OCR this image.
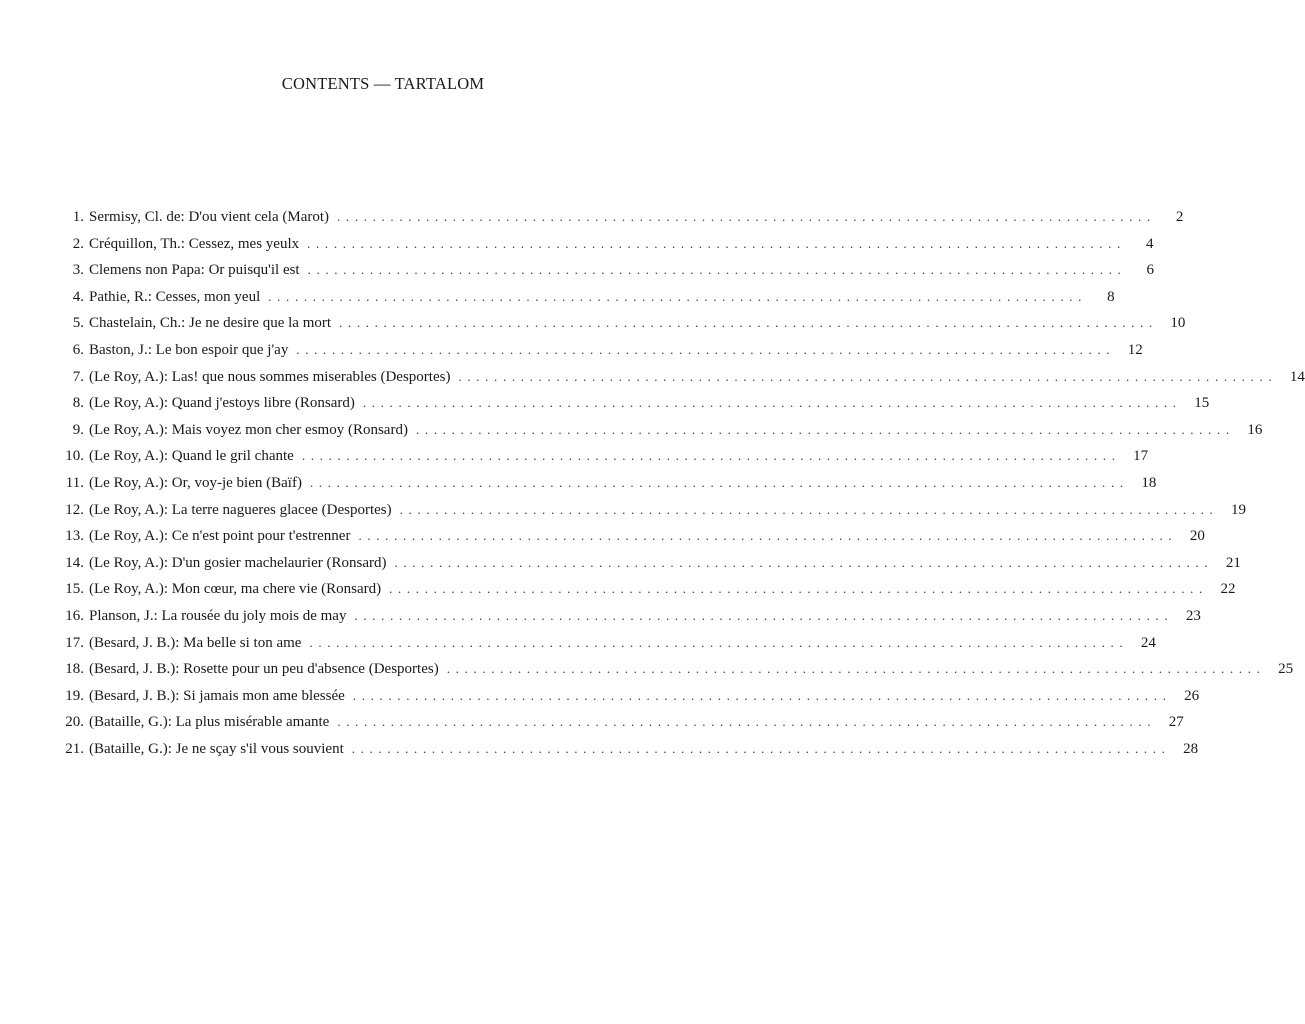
CONTENTS — TARTALOM
1. Sermisy, Cl. de: D'ou vient cela (Marot) . . . . . . . . . . . . . . . . . . . . . . . . . . . . . . . . . . . . . . . . . . . . . . . . . . . . . . . . . . . . . . . . . . . . . . . . . . . . . . . . . . . . . . . . . . . .	2
2. Créquillon, Th.: Cessez, mes yeulx . . . . . . . . . . . . . . . . . . . . . . . . . . . . . . . . . . . . . . . . . . . . . . . . . . . . . . . . . . . . . . . . . . . . . . . . . . . . . . . . . . . . . . . . . . . .	4
3. Clemens non Papa: Or puisqu'il est . . . . . . . . . . . . . . . . . . . . . . . . . . . . . . . . . . . . . . . . . . . . . . . . . . . . . . . . . . . . . . . . . . . . . . . . . . . . . . . . . . . . . . . . . . . .	6
4. Pathie, R.: Cesses, mon yeul . . . . . . . . . . . . . . . . . . . . . . . . . . . . . . . . . . . . . . . . . . . . . . . . . . . . . . . . . . . . . . . . . . . . . . . . . . . . . . . . . . . . . . . . . . . .	8
5. Chastelain, Ch.: Je ne desire que la mort . . . . . . . . . . . . . . . . . . . . . . . . . . . . . . . . . . . . . . . . . . . . . . . . . . . . . . . . . . . . . . . . . . . . . . . . . . . . . . . . . . . . . . . . . . . .	10
6. Baston, J.: Le bon espoir que j'ay . . . . . . . . . . . . . . . . . . . . . . . . . . . . . . . . . . . . . . . . . . . . . . . . . . . . . . . . . . . . . . . . . . . . . . . . . . . . . . . . . . . . . . . . . . . .	12
7. (Le Roy, A.): Las! que nous sommes miserables (Desportes) . . . . . . . . . . . . . . . . . . . . . . . . . . . . . . . . . . . . . . . . . . . . . . . . . . . . . . . . . . . . . . . . . . . . . . . . . . . . . . . . . . . . . . . . . . . .	14
8. (Le Roy, A.): Quand j'estoys libre (Ronsard) . . . . . . . . . . . . . . . . . . . . . . . . . . . . . . . . . . . . . . . . . . . . . . . . . . . . . . . . . . . . . . . . . . . . . . . . . . . . . . . . . . . . . . . . . . . .	15
9. (Le Roy, A.): Mais voyez mon cher esmoy (Ronsard) . . . . . . . . . . . . . . . . . . . . . . . . . . . . . . . . . . . . . . . . . . . . . . . . . . . . . . . . . . . . . . . . . . . . . . . . . . . . . . . . . . . . . . . . . . . .	16
10. (Le Roy, A.): Quand le gril chante . . . . . . . . . . . . . . . . . . . . . . . . . . . . . . . . . . . . . . . . . . . . . . . . . . . . . . . . . . . . . . . . . . . . . . . . . . . . . . . . . . . . . . . . . . . .	17
11. (Le Roy, A.): Or, voy-je bien (Baïf) . . . . . . . . . . . . . . . . . . . . . . . . . . . . . . . . . . . . . . . . . . . . . . . . . . . . . . . . . . . . . . . . . . . . . . . . . . . . . . . . . . . . . . . . . . . .	18
12. (Le Roy, A.): La terre nagueres glacee (Desportes) . . . . . . . . . . . . . . . . . . . . . . . . . . . . . . . . . . . . . . . . . . . . . . . . . . . . . . . . . . . . . . . . . . . . . . . . . . . . . . . . . . . . . . . . . . . .	19
13. (Le Roy, A.): Ce n'est point pour t'estrenner . . . . . . . . . . . . . . . . . . . . . . . . . . . . . . . . . . . . . . . . . . . . . . . . . . . . . . . . . . . . . . . . . . . . . . . . . . . . . . . . . . . . . . . . . . . .	20
14. (Le Roy, A.): D'un gosier machelaurier (Ronsard) . . . . . . . . . . . . . . . . . . . . . . . . . . . . . . . . . . . . . . . . . . . . . . . . . . . . . . . . . . . . . . . . . . . . . . . . . . . . . . . . . . . . . . . . . . . .	21
15. (Le Roy, A.): Mon cœur, ma chere vie (Ronsard) . . . . . . . . . . . . . . . . . . . . . . . . . . . . . . . . . . . . . . . . . . . . . . . . . . . . . . . . . . . . . . . . . . . . . . . . . . . . . . . . . . . . . . . . . . . .	22
16. Planson, J.: La rousée du joly mois de may . . . . . . . . . . . . . . . . . . . . . . . . . . . . . . . . . . . . . . . . . . . . . . . . . . . . . . . . . . . . . . . . . . . . . . . . . . . . . . . . . . . . . . . . . . . .	23
17. (Besard, J. B.): Ma belle si ton ame . . . . . . . . . . . . . . . . . . . . . . . . . . . . . . . . . . . . . . . . . . . . . . . . . . . . . . . . . . . . . . . . . . . . . . . . . . . . . . . . . . . . . . . . . . . .	24
18. (Besard, J. B.): Rosette pour un peu d'absence (Desportes) . . . . . . . . . . . . . . . . . . . . . . . . . . . . . . . . . . . . . . . . . . . . . . . . . . . . . . . . . . . . . . . . . . . . . . . . . . . . . . . . . . . . . . . . . . . .	25
19. (Besard, J. B.): Si jamais mon ame blessée . . . . . . . . . . . . . . . . . . . . . . . . . . . . . . . . . . . . . . . . . . . . . . . . . . . . . . . . . . . . . . . . . . . . . . . . . . . . . . . . . . . . . . . . . . . .	26
20. (Bataille, G.): La plus misérable amante . . . . . . . . . . . . . . . . . . . . . . . . . . . . . . . . . . . . . . . . . . . . . . . . . . . . . . . . . . . . . . . . . . . . . . . . . . . . . . . . . . . . . . . . . . . .	27
21. (Bataille, G.): Je ne sçay s'il vous souvient . . . . . . . . . . . . . . . . . . . . . . . . . . . . . . . . . . . . . . . . . . . . . . . . . . . . . . . . . . . . . . . . . . . . . . . . . . . . . . . . . . . . . . . . . . . .	28
